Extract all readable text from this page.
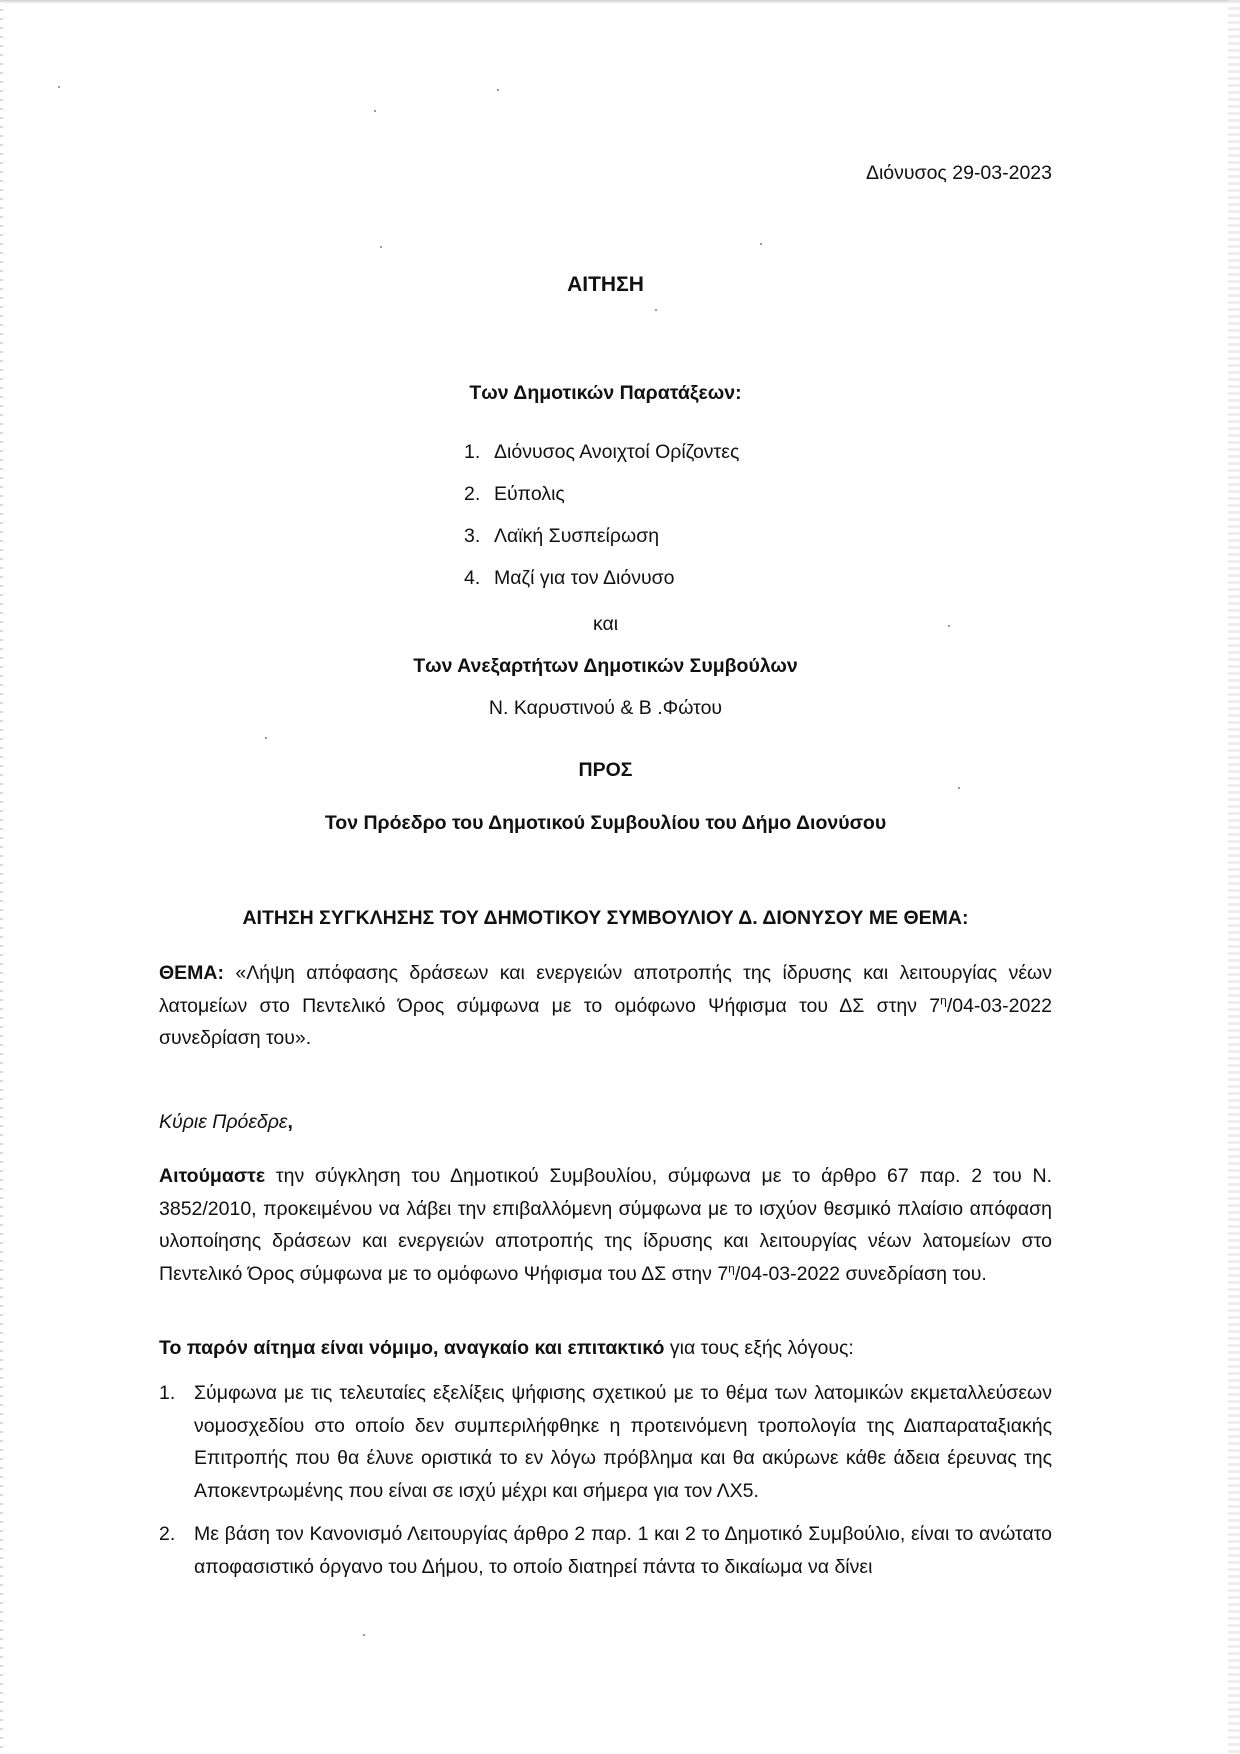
Διόνυσος 29-03-2023
ΑΙΤΗΣΗ
Των Δημοτικών Παρατάξεων:
1. Διόνυσος Ανοιχτοί Ορίζοντες
2. Εύπολις
3. Λαϊκή Συσπείρωση
4. Μαζί για τον Διόνυσο
και
Των Ανεξαρτήτων Δημοτικών Συμβούλων
Ν. Καρυστινού & Β .Φώτου
ΠΡΟΣ
Τον Πρόεδρο του Δημοτικού Συμβουλίου του Δήμο Διονύσου
ΑΙΤΗΣΗ ΣΥΓΚΛΗΣΗΣ ΤΟΥ ΔΗΜΟΤΙΚΟΥ ΣΥΜΒΟΥΛΙΟΥ Δ. ΔΙΟΝΥΣΟΥ ΜΕ ΘΕΜΑ:
ΘΕΜΑ: «Λήψη απόφασης δράσεων και ενεργειών αποτροπής της ίδρυσης και λειτουργίας νέων λατομείων στο Πεντελικό Όρος σύμφωνα με το ομόφωνο Ψήφισμα του ΔΣ στην $7^\eta/04-03-2022$ συνεδρίαση του».
Κύριε Πρόεδρε,
Αιτούμαστε την σύγκληση του Δημοτικού Συμβουλίου, σύμφωνα με το άρθρο 67 παρ. 2 του Ν. 3852/2010, προκειμένου να λάβει την επιβαλλόμενη σύμφωνα με το ισχύον θεσμικό πλαίσιο απόφαση υλοποίησης δράσεων και ενεργειών αποτροπής της ίδρυσης και λειτουργίας νέων λατομείων στο Πεντελικό Όρος σύμφωνα με το ομόφωνο Ψήφισμα του ΔΣ στην $7^\eta/04-03-2022$ συνεδρίαση του.
Το παρόν αίτημα είναι νόμιμο, αναγκαίο και επιτακτικό για τους εξής λόγους:
1. Σύμφωνα με τις τελευταίες εξελίξεις ψήφισης σχετικού με το θέμα των λατομικών εκμεταλλεύσεων νομοσχεδίου στο οποίο δεν συμπεριλήφθηκε η προτεινόμενη τροπολογία της Διαπαραταξιακής Επιτροπής που θα έλυνε οριστικά το εν λόγω πρόβλημα και θα ακύρωνε κάθε άδεια έρευνας της Αποκεντρωμένης που είναι σε ισχύ μέχρι και σήμερα για τον ΛΧ5.
2. Με βάση τον Κανονισμό Λειτουργίας άρθρο 2 παρ. 1 και 2 το Δημοτικό Συμβούλιο, είναι το ανώτατο αποφασιστικό όργανο του Δήμου, το οποίο διατηρεί πάντα το δικαίωμα να δίνει
